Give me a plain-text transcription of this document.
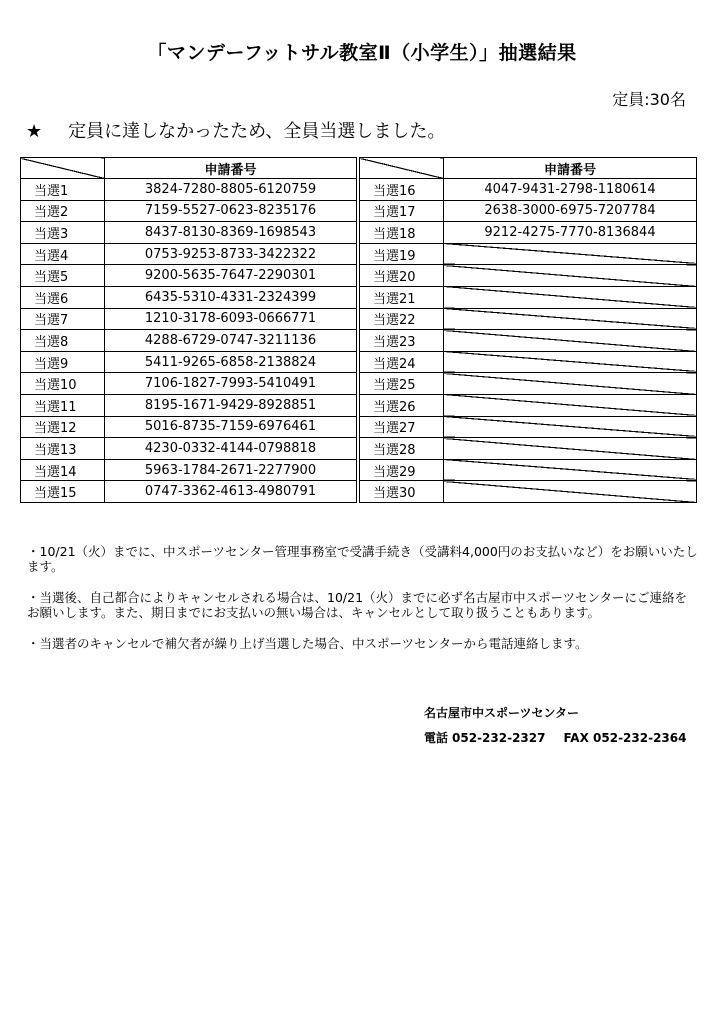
「マンデーフットサル教室Ⅱ（小学生）」抽選結果
定員:30名
★ 定員に達しなかったため、全員当選しました。
	申請番号			申請番号
当選1	3824-7280-8805-6120759		当選16	4047-9431-2798-1180614
当選2	7159-5527-0623-8235176		当選17	2638-3000-6975-7207784
当選3	8437-8130-8369-1698543		当選18	9212-4275-7770-8136844
当選4	0753-9253-8733-3422322		当選19	
当選5	9200-5635-7647-2290301		当選20	
当選6	6435-5310-4331-2324399		当選21	
当選7	1210-3178-6093-0666771		当選22	
当選8	4288-6729-0747-3211136		当選23	
当選9	5411-9265-6858-2138824		当選24	
当選10	7106-1827-7993-5410491		当選25	
当選11	8195-1671-9429-8928851		当選26	
当選12	5016-8735-7159-6976461		当選27	
当選13	4230-0332-4144-0798818		当選28	
当選14	5963-1784-2671-2277900		当選29	
当選15	0747-3362-4613-4980791		当選30	

・10/21（火）までに、中スポーツセンター管理事務室で受講手続き（受講料4,000円のお支払いなど）をお願いいたします。

・当選後、自己都合によりキャンセルされる場合は、10/21（火）までに必ず名古屋市中スポーツセンターにご連絡をお願いします。また、期日までにお支払いの無い場合は、キャンセルとして取り扱うこともあります。

・当選者のキャンセルで補欠者が繰り上げ当選した場合、中スポーツセンターから電話連絡します。

名古屋市中スポーツセンター
電話 052-232-2327 FAX 052-232-2364
